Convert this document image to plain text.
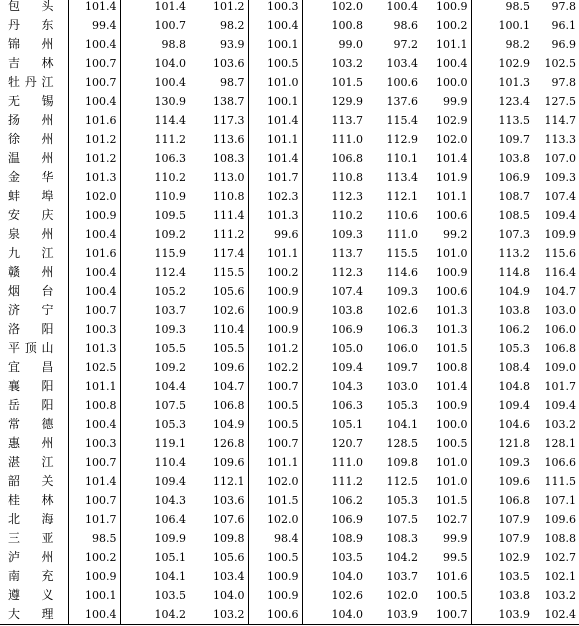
包　头	101.4	101.4	101.2	100.3	102.0	100.4	100.9	98.5	97.8
丹　东	99.4	100.7	98.2	100.4	100.8	98.6	100.2	100.1	96.1
锦　州	100.4	98.8	93.9	100.1	99.0	97.2	101.1	98.2	96.9
吉　林	100.7	104.0	103.6	100.5	103.2	103.4	100.4	102.9	102.5
牡丹江	100.7	100.4	98.7	101.0	101.5	100.6	100.0	101.3	97.8
无　锡	100.4	130.9	138.7	100.1	129.9	137.6	99.9	123.4	127.5
扬　州	101.6	114.4	117.3	101.4	113.7	115.4	102.9	113.5	114.7
徐　州	101.2	111.2	113.6	101.1	111.0	112.9	102.0	109.7	113.3
温　州	101.2	106.3	108.3	101.4	106.8	110.1	101.4	103.8	107.0
金　华	101.3	110.2	113.0	101.7	110.8	113.4	101.9	106.9	109.3
蚌　埠	102.0	110.9	110.8	102.3	112.3	112.1	101.1	108.7	107.4
安　庆	100.9	109.5	111.4	101.3	110.2	110.6	100.6	108.5	109.4
泉　州	100.4	109.2	111.2	99.6	109.3	111.0	99.2	107.3	109.9
九　江	101.6	115.9	117.4	101.1	113.7	115.5	101.0	113.2	115.6
赣　州	100.4	112.4	115.5	100.2	112.3	114.6	100.9	114.8	116.4
烟　台	100.4	105.2	105.6	100.9	107.4	109.3	100.6	104.9	104.7
济　宁	100.7	103.7	102.6	100.9	103.8	102.6	101.3	103.8	103.0
洛　阳	100.3	109.3	110.4	100.9	106.9	106.3	101.3	106.2	106.0
平顶山	101.3	105.5	105.5	101.2	105.0	106.0	101.5	105.3	106.8
宜　昌	102.5	109.2	109.6	102.2	109.4	109.7	100.8	108.4	109.0
襄　阳	101.1	104.4	104.7	100.7	104.3	103.0	101.4	104.8	101.7
岳　阳	100.8	107.5	106.8	100.5	106.3	105.3	100.9	109.4	109.4
常　德	100.4	105.3	104.9	100.5	105.1	104.1	100.0	104.6	103.2
惠　州	100.3	119.1	126.8	100.7	120.7	128.5	100.5	121.8	128.1
湛　江	100.7	110.4	109.6	101.1	111.0	109.8	101.0	109.3	106.6
韶　关	101.4	109.4	112.1	102.0	111.2	112.5	101.0	109.6	111.5
桂　林	100.7	104.3	103.6	101.5	106.2	105.3	101.5	106.8	107.1
北　海	101.7	106.4	107.6	102.0	106.9	107.5	102.7	107.9	109.6
三　亚	98.5	109.9	109.8	98.4	108.9	108.3	99.9	107.9	108.8
泸　州	100.2	105.1	105.6	100.5	103.5	104.2	99.5	102.9	102.7
南　充	100.9	104.1	103.4	100.9	104.0	103.7	101.6	103.5	102.1
遵　义	100.1	103.5	104.0	100.9	102.6	102.0	100.5	103.8	103.2
大　理	100.4	104.2	103.2	100.6	104.0	103.9	100.7	103.9	102.4
